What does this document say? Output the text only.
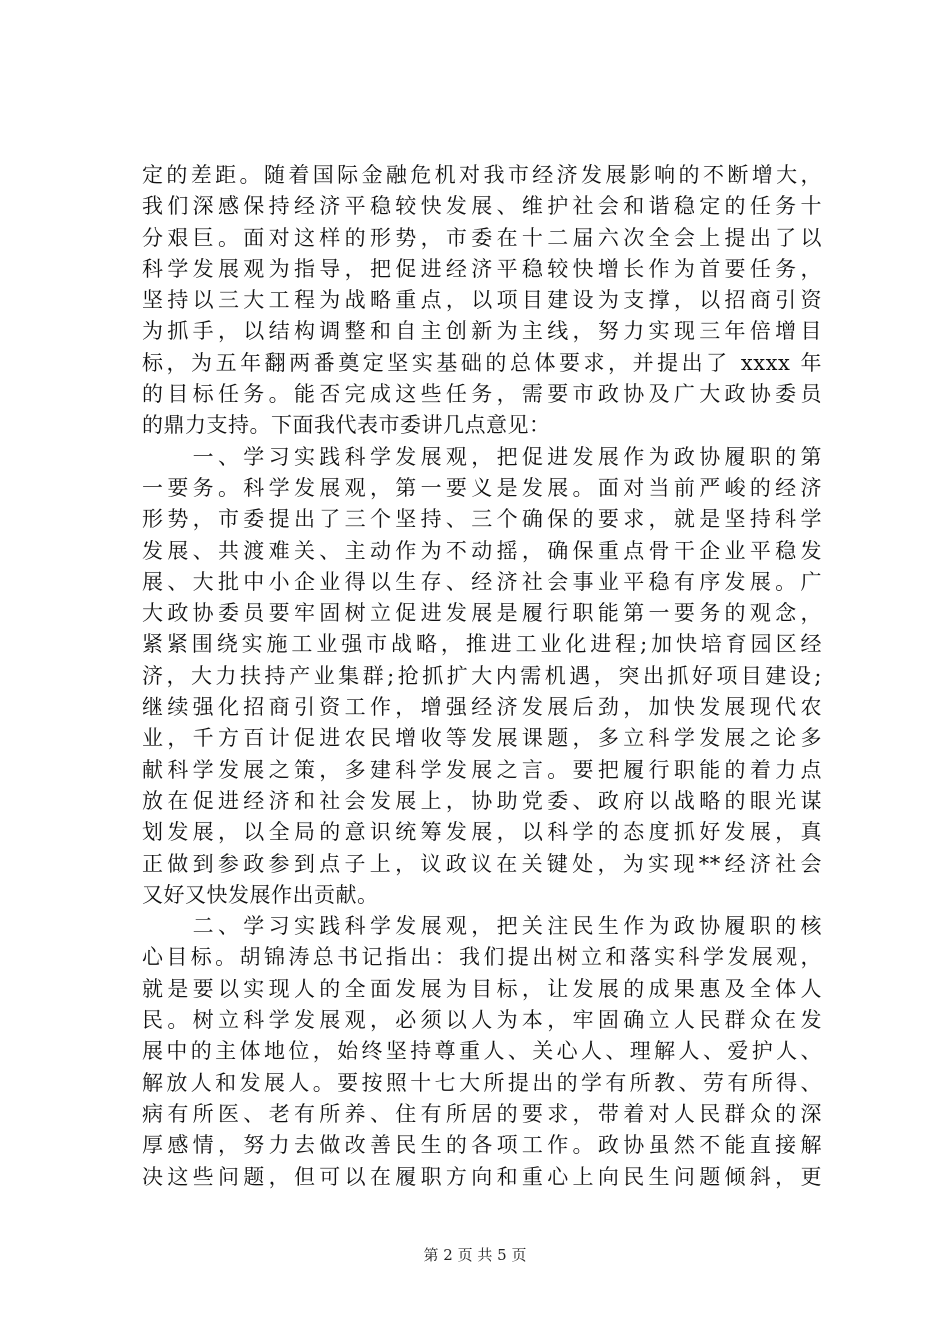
定的差距。随着国际金融危机对我市经济发展影响的不断增大，
我们深感保持经济平稳较快发展、维护社会和谐稳定的任务十
分艰巨。面对这样的形势，市委在十二届六次全会上提出了以
科学发展观为指导，把促进经济平稳较快增长作为首要任务，
坚持以三大工程为战略重点，以项目建设为支撑，以招商引资
为抓手，以结构调整和自主创新为主线，努力实现三年倍增目
标，为五年翻两番奠定坚实基础的总体要求，并提出了 xxxx 年
的目标任务。能否完成这些任务，需要市政协及广大政协委员
的鼎力支持。下面我代表市委讲几点意见：
　　一、学习实践科学发展观，把促进发展作为政协履职的第
一要务。科学发展观，第一要义是发展。面对当前严峻的经济
形势，市委提出了三个坚持、三个确保的要求，就是坚持科学
发展、共渡难关、主动作为不动摇，确保重点骨干企业平稳发
展、大批中小企业得以生存、经济社会事业平稳有序发展。广
大政协委员要牢固树立促进发展是履行职能第一要务的观念，
紧紧围绕实施工业强市战略，推进工业化进程;加快培育园区经
济，大力扶持产业集群;抢抓扩大内需机遇，突出抓好项目建设;
继续强化招商引资工作，增强经济发展后劲，加快发展现代农
业，千方百计促进农民增收等发展课题，多立科学发展之论多
献科学发展之策，多建科学发展之言。要把履行职能的着力点
放在促进经济和社会发展上，协助党委、政府以战略的眼光谋
划发展，以全局的意识统筹发展，以科学的态度抓好发展，真
正做到参政参到点子上，议政议在关键处，为实现**经济社会
又好又快发展作出贡献。
　　二、学习实践科学发展观，把关注民生作为政协履职的核
心目标。胡锦涛总书记指出：我们提出树立和落实科学发展观，
就是要以实现人的全面发展为目标，让发展的成果惠及全体人
民。树立科学发展观，必须以人为本，牢固确立人民群众在发
展中的主体地位，始终坚持尊重人、关心人、理解人、爱护人、
解放人和发展人。要按照十七大所提出的学有所教、劳有所得、
病有所医、老有所养、住有所居的要求，带着对人民群众的深
厚感情，努力去做改善民生的各项工作。政协虽然不能直接解
决这些问题，但可以在履职方向和重心上向民生问题倾斜，更
第 2 页 共 5 页
